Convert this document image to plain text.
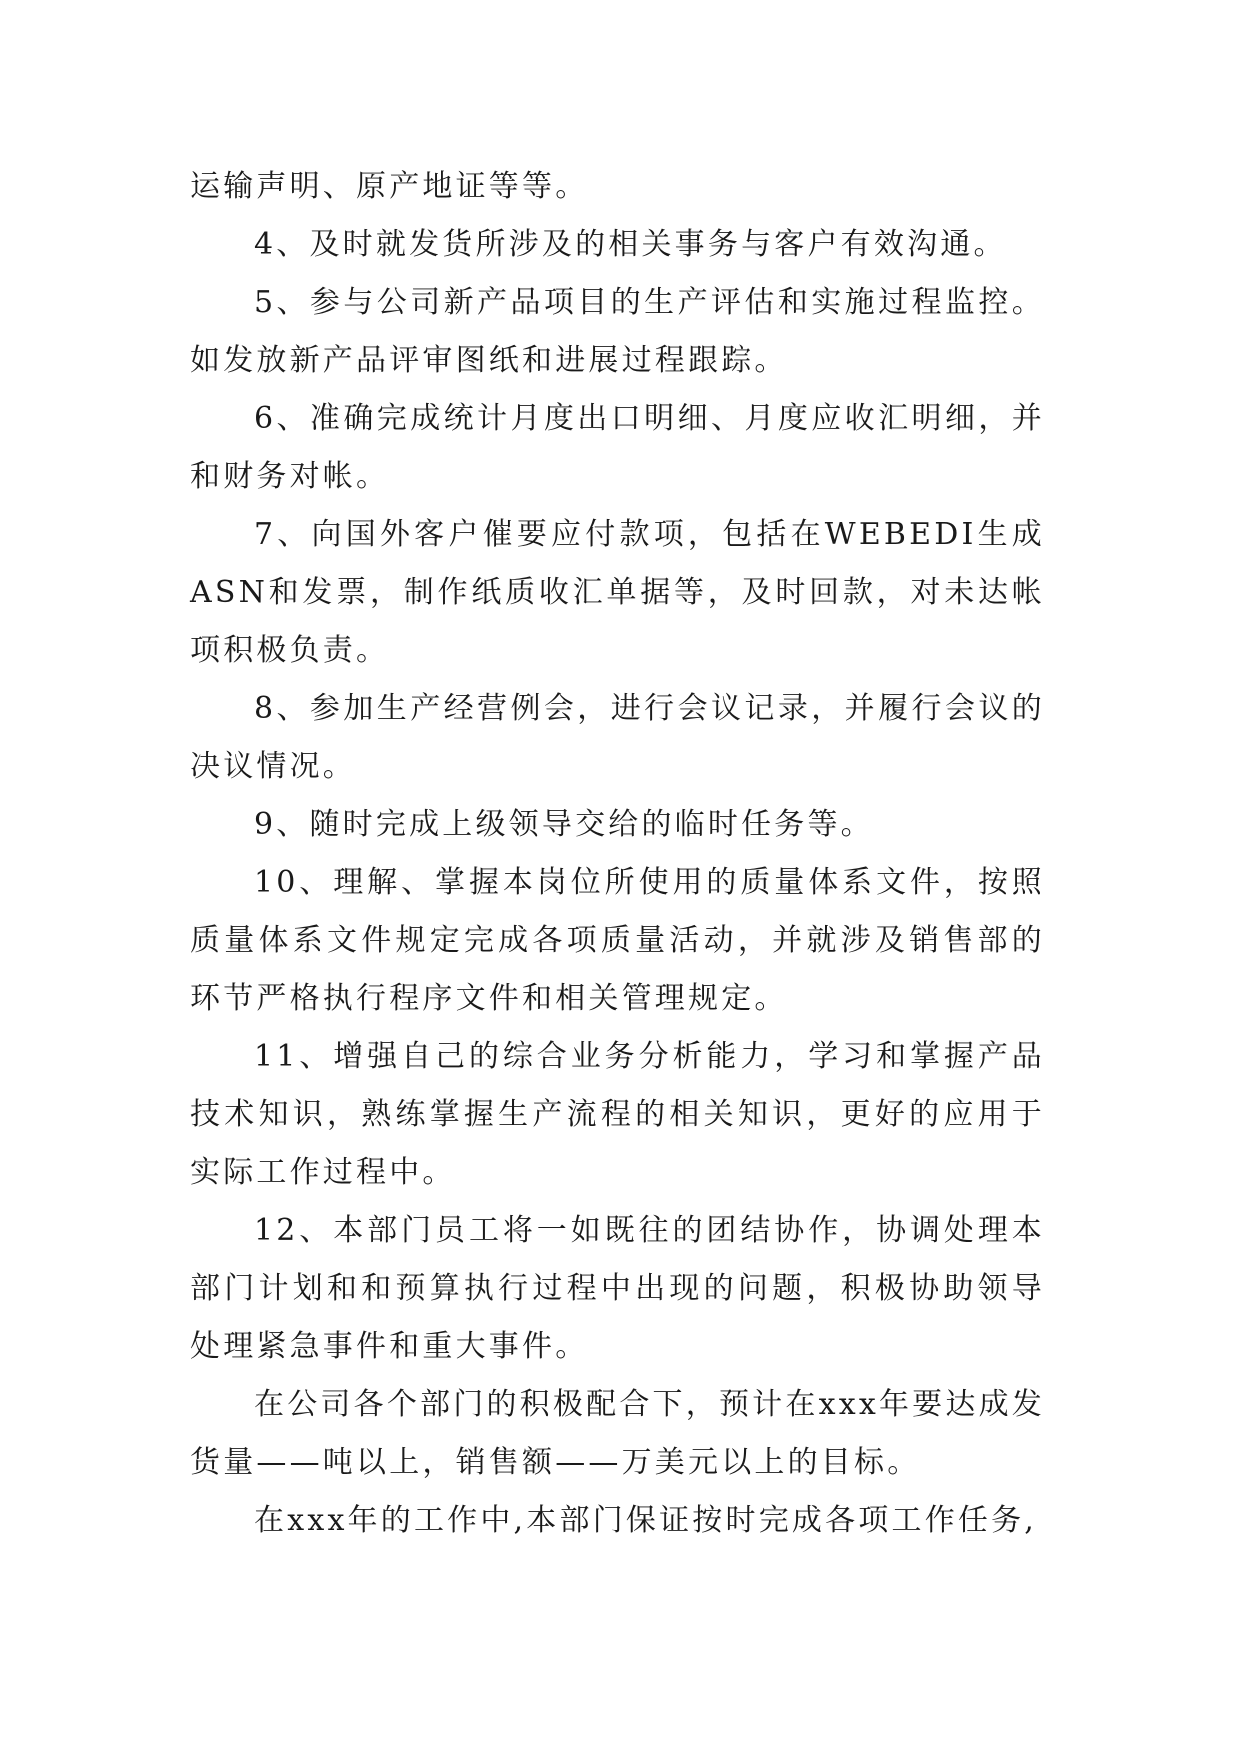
运输声明、原产地证等等。

4、及时就发货所涉及的相关事务与客户有效沟通。

5、参与公司新产品项目的生产评估和实施过程监控。如发放新产品评审图纸和进展过程跟踪。

6、准确完成统计月度出口明细、月度应收汇明细，并和财务对帐。

7、向国外客户催要应付款项，包括在WEBEDI生成ASN和发票，制作纸质收汇单据等，及时回款，对未达帐项积极负责。

8、参加生产经营例会，进行会议记录，并履行会议的决议情况。

9、随时完成上级领导交给的临时任务等。

10、理解、掌握本岗位所使用的质量体系文件，按照质量体系文件规定完成各项质量活动，并就涉及销售部的环节严格执行程序文件和相关管理规定。

11、增强自己的综合业务分析能力，学习和掌握产品技术知识，熟练掌握生产流程的相关知识，更好的应用于实际工作过程中。

12、本部门员工将一如既往的团结协作，协调处理本部门计划和和预算执行过程中出现的问题，积极协助领导处理紧急事件和重大事件。

在公司各个部门的积极配合下，预计在xxx年要达成发货量——吨以上，销售额——万美元以上的目标。

在xxx年的工作中,本部门保证按时完成各项工作任务,
